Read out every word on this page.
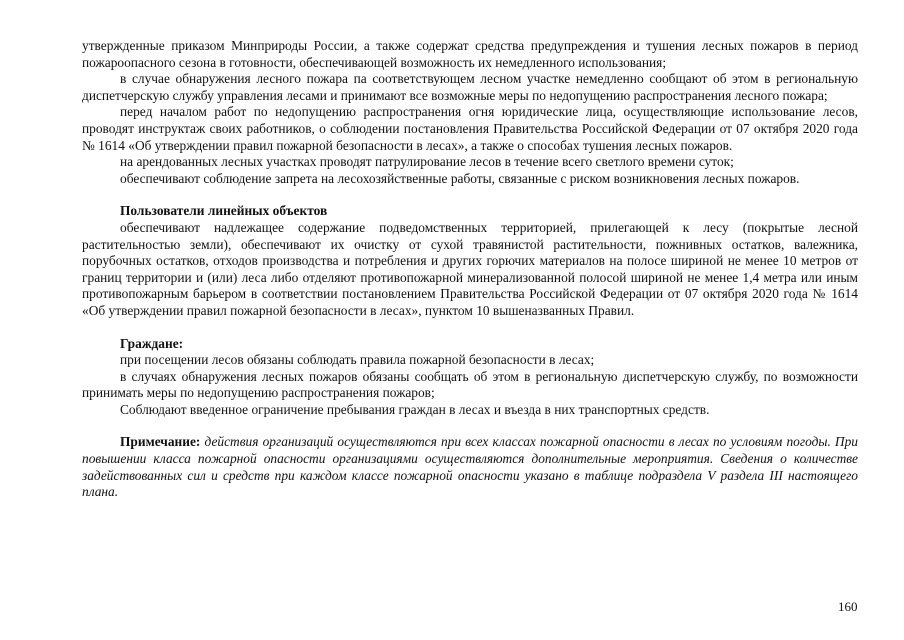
утвержденные приказом Минприроды России, а также содержат средства предупреждения и тушения лесных пожаров в период пожароопасного сезона в готовности, обеспечивающей возможность их немедленного использования;

в случае обнаружения лесного пожара па соответствующем лесном участке немедленно сообщают об этом в региональную диспетчерскую службу управления лесами и принимают все возможные меры по недопущению распространения лесного пожара;

перед началом работ по недопущению распространения огня юридические лица, осуществляющие использование лесов, проводят инструктаж своих работников, о соблюдении постановления Правительства Российской Федерации от 07 октября 2020 года № 1614 «Об утверждении правил пожарной безопасности в лесах», а также о способах тушения лесных пожаров.

на арендованных лесных участках проводят патрулирование лесов в течение всего светлого времени суток;

обеспечивают соблюдение запрета на лесохозяйственные работы, связанные с риском возникновения лесных пожаров.

Пользователи линейных объектов

обеспечивают надлежащее содержание подведомственных территорией, прилегающей к лесу (покрытые лесной растительностью земли), обеспечивают их очистку от сухой травянистой растительности, пожнивных остатков, валежника, порубочных остатков, отходов производства и потребления и других горючих материалов на полосе шириной не менее 10 метров от границ территории и (или) леса либо отделяют противопожарной минерализованной полосой шириной не менее 1,4 метра или иным противопожарным барьером в соответствии постановлением Правительства Российской Федерации от 07 октября 2020 года № 1614 «Об утверждении правил пожарной безопасности в лесах», пунктом 10 вышеназванных Правил.

Граждане:

при посещении лесов обязаны соблюдать правила пожарной безопасности в лесах;

в случаях обнаружения лесных пожаров обязаны сообщать об этом в региональную диспетчерскую службу, по возможности принимать меры по недопущению распространения пожаров;

Соблюдают введенное ограничение пребывания граждан в лесах и въезда в них транспортных средств.

Примечание: действия организаций осуществляются при всех классах пожарной опасности в лесах по условиям погоды. При повышении класса пожарной опасности организациями осуществляются дополнительные мероприятия. Сведения о количестве задействованных сил и средств при каждом классе пожарной опасности указано в таблице подраздела V раздела III настоящего плана.

160
